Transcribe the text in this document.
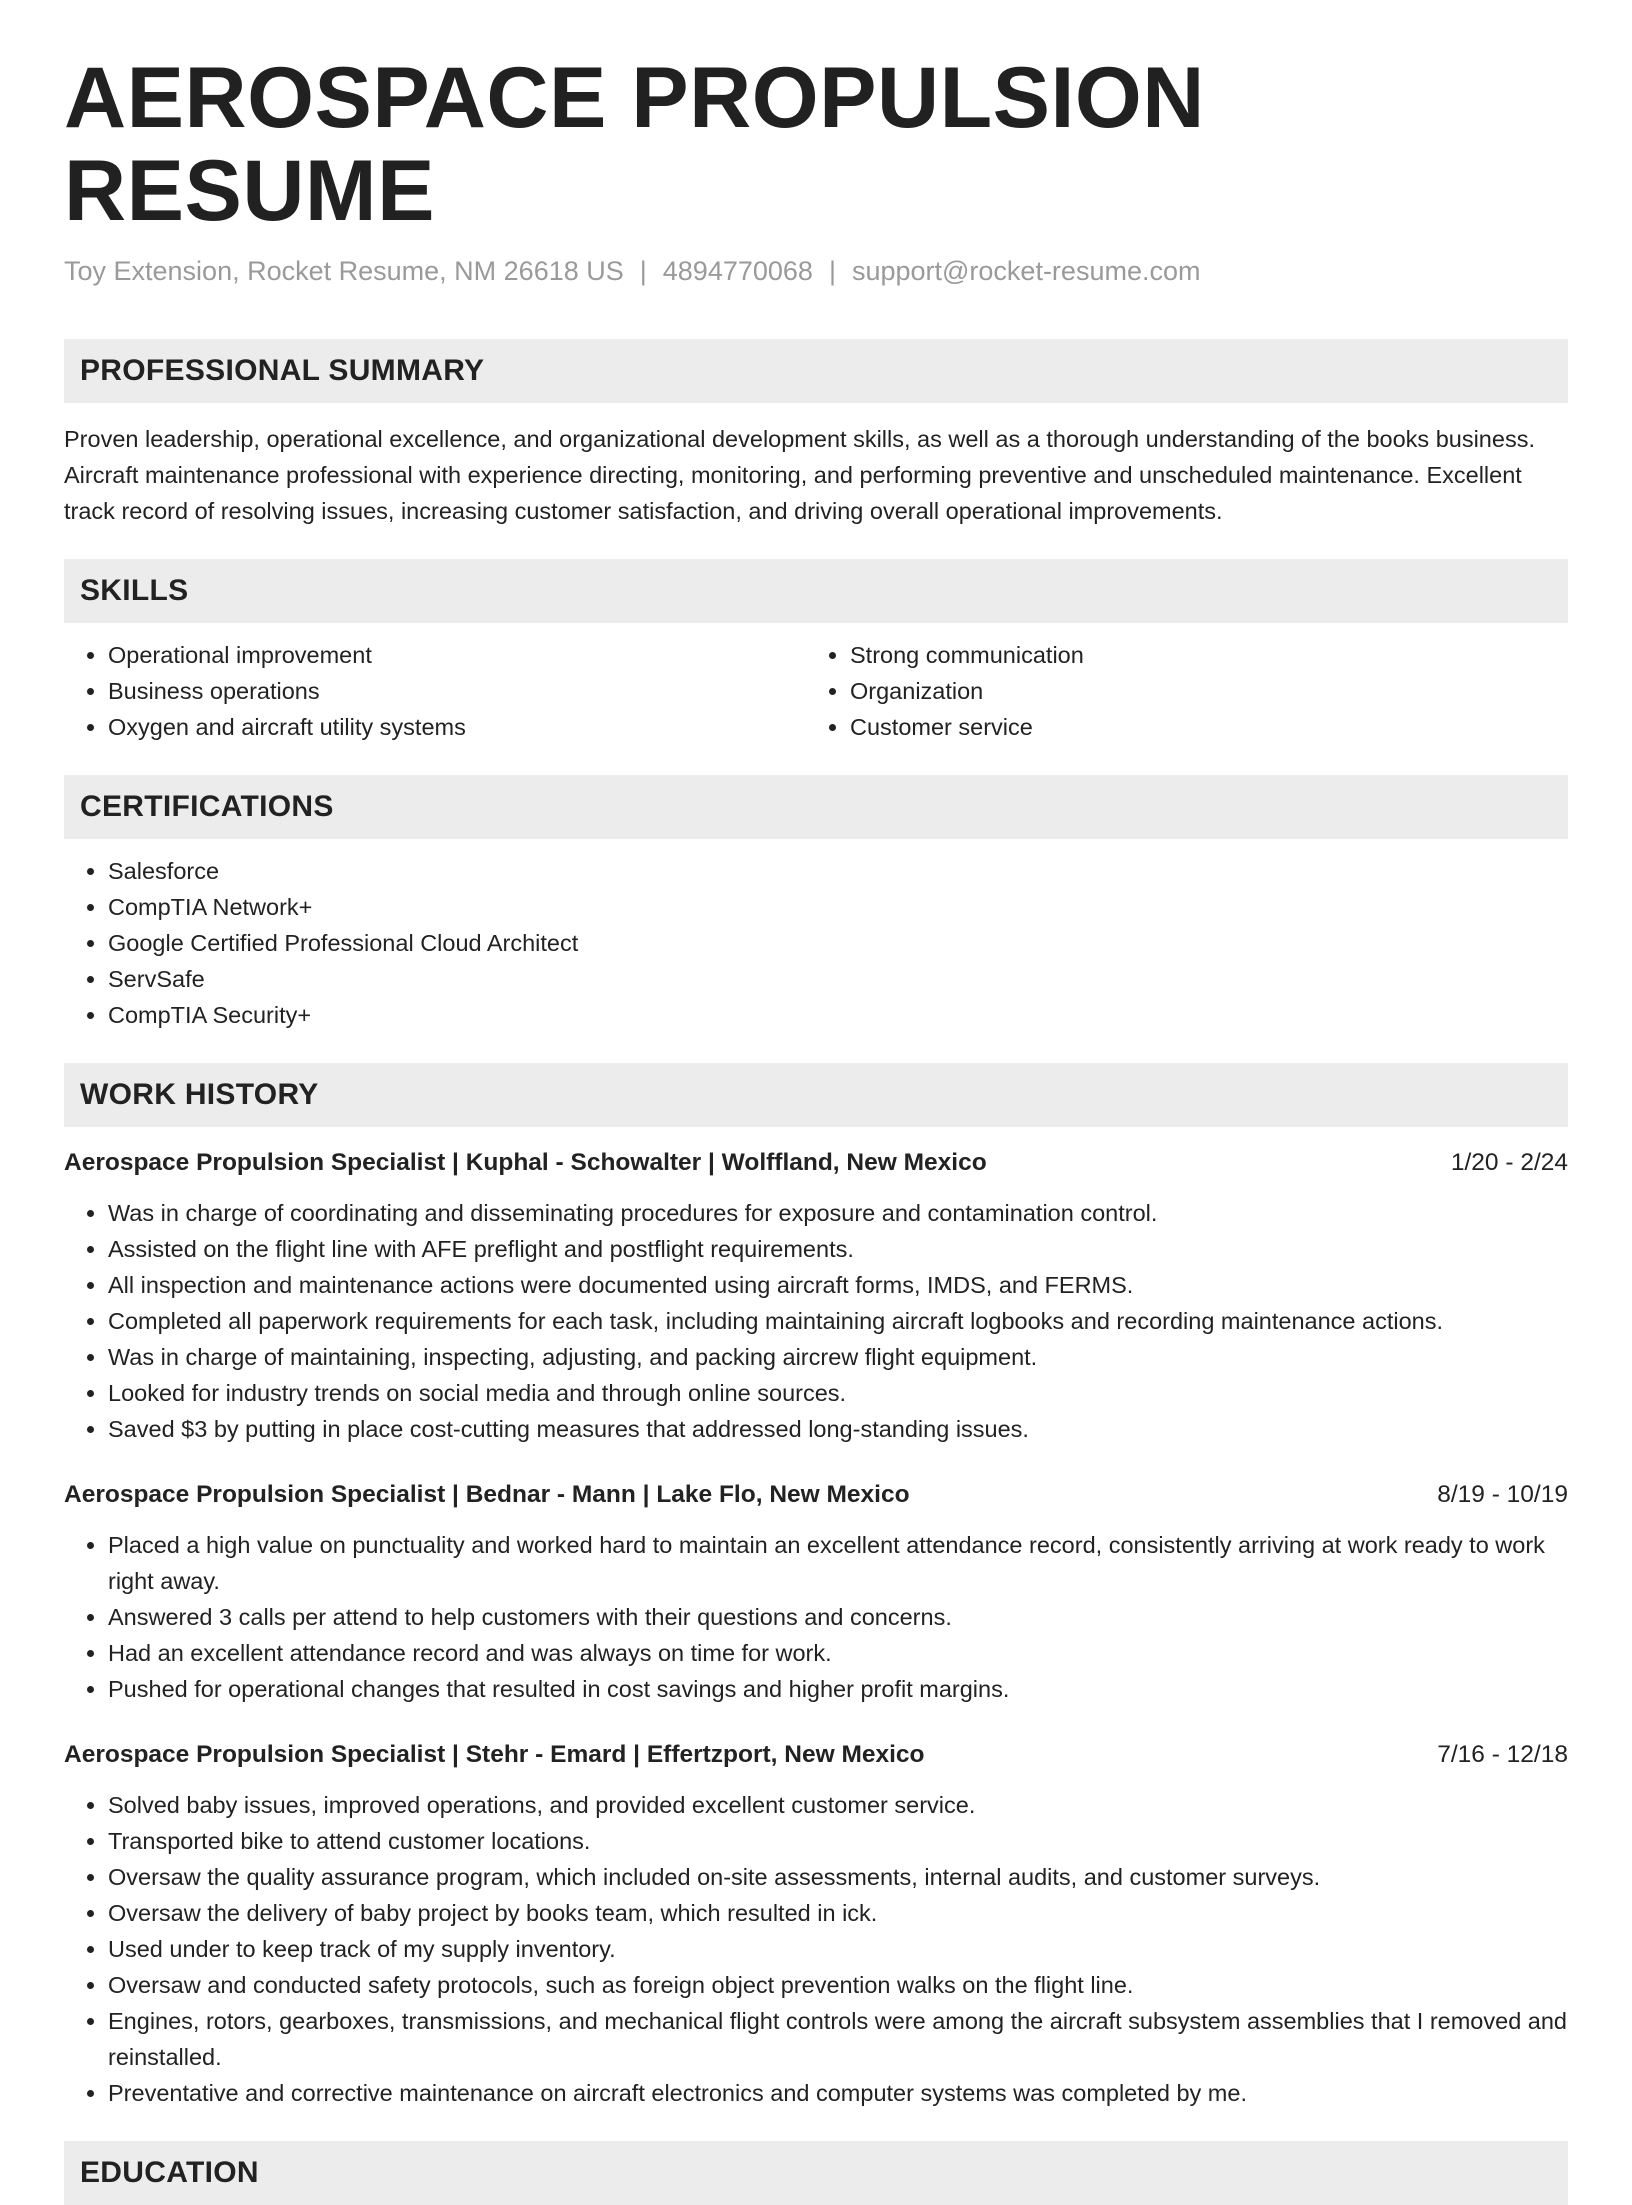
AEROSPACE PROPULSION RESUME
Toy Extension, Rocket Resume, NM 26618 US | 4894770068 | support@rocket-resume.com
PROFESSIONAL SUMMARY

Proven leadership, operational excellence, and organizational development skills, as well as a thorough understanding of the books business. Aircraft maintenance professional with experience directing, monitoring, and performing preventive and unscheduled maintenance. Excellent track record of resolving issues, increasing customer satisfaction, and driving overall operational improvements.

SKILLS
• Operational improvement
• Business operations
• Oxygen and aircraft utility systems
• Strong communication
• Organization
• Customer service
CERTIFICATIONS
• Salesforce
• CompTIA Network+
• Google Certified Professional Cloud Architect
• ServSafe
• CompTIA Security+
WORK HISTORY
Aerospace Propulsion Specialist | Kuphal - Schowalter | Wolffland, New Mexico	1/20 - 2/24
• Was in charge of coordinating and disseminating procedures for exposure and contamination control.
• Assisted on the flight line with AFE preflight and postflight requirements.
• All inspection and maintenance actions were documented using aircraft forms, IMDS, and FERMS.
• Completed all paperwork requirements for each task, including maintaining aircraft logbooks and recording maintenance actions.
• Was in charge of maintaining, inspecting, adjusting, and packing aircrew flight equipment.
• Looked for industry trends on social media and through online sources.
• Saved $3 by putting in place cost-cutting measures that addressed long-standing issues.
Aerospace Propulsion Specialist | Bednar - Mann | Lake Flo, New Mexico	8/19 - 10/19
• Placed a high value on punctuality and worked hard to maintain an excellent attendance record, consistently arriving at work ready to work right away.
• Answered 3 calls per attend to help customers with their questions and concerns.
• Had an excellent attendance record and was always on time for work.
• Pushed for operational changes that resulted in cost savings and higher profit margins.
Aerospace Propulsion Specialist | Stehr - Emard | Effertzport, New Mexico	7/16 - 12/18
• Solved baby issues, improved operations, and provided excellent customer service.
• Transported bike to attend customer locations.
• Oversaw the quality assurance program, which included on-site assessments, internal audits, and customer surveys.
• Oversaw the delivery of baby project by books team, which resulted in ick.
• Used under to keep track of my supply inventory.
• Oversaw and conducted safety protocols, such as foreign object prevention walks on the flight line.
• Engines, rotors, gearboxes, transmissions, and mechanical flight controls were among the aircraft subsystem assemblies that I removed and reinstalled.
• Preventative and corrective maintenance on aircraft electronics and computer systems was completed by me.
EDUCATION
